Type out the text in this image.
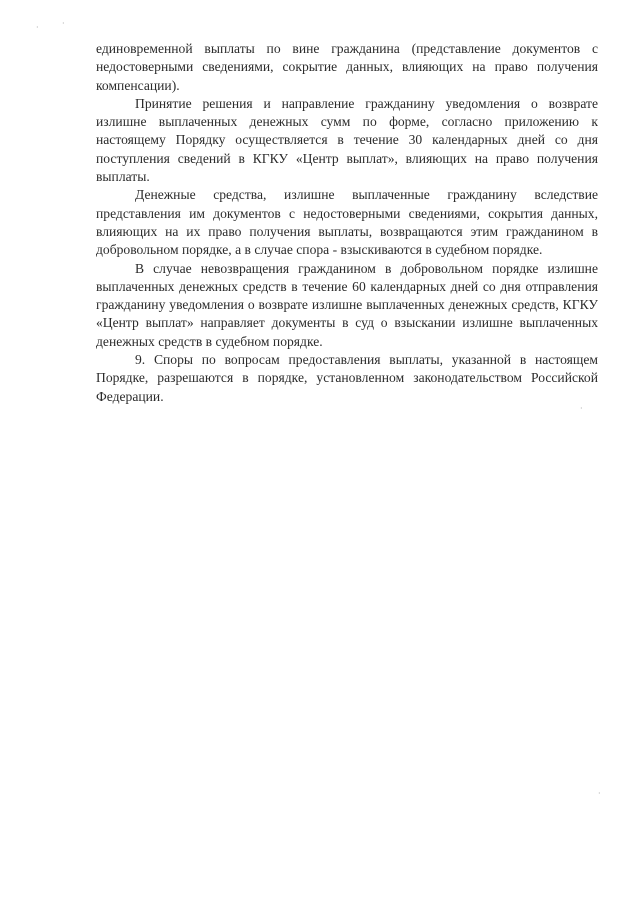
·	·
·
·

единовременной выплаты по вине гражданина (представление документов с недостоверными сведениями, сокрытие данных, влияющих на право получения компенсации).

Принятие решения и направление гражданину уведомления о возврате излишне выплаченных денежных сумм по форме, согласно приложению к настоящему Порядку осуществляется в течение 30 календарных дней со дня поступления сведений в КГКУ «Центр выплат», влияющих на право получения выплаты.

Денежные средства, излишне выплаченные гражданину вследствие представления им документов с недостоверными сведениями, сокрытия данных, влияющих на их право получения выплаты, возвращаются этим гражданином в добровольном порядке, а в случае спора - взыскиваются в судебном порядке.

В случае невозвращения гражданином в добровольном порядке излишне выплаченных денежных средств в течение 60 календарных дней со дня отправления гражданину уведомления о возврате излишне выплаченных денежных средств, КГКУ «Центр выплат» направляет документы в суд о взыскании излишне выплаченных денежных средств в судебном порядке.

9. Споры по вопросам предоставления выплаты, указанной в настоящем Порядке, разрешаются в порядке, установленном законодательством Российской Федерации.
